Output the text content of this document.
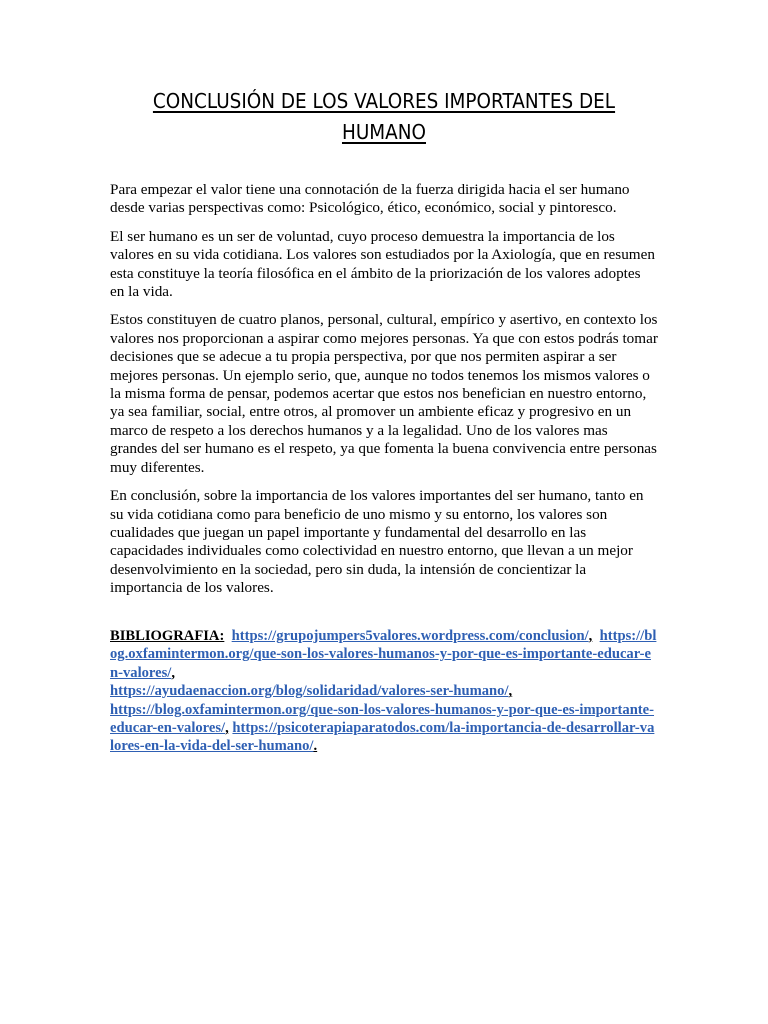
CONCLUSIÓN DE LOS VALORES IMPORTANTES DEL HUMANO

Para empezar el valor tiene una connotación de la fuerza dirigida hacia el ser humano desde varias perspectivas como: Psicológico, ético, económico, social y pintoresco.

El ser humano es un ser de voluntad, cuyo proceso demuestra la importancia de los valores en su vida cotidiana. Los valores son estudiados por la Axiología, que en resumen esta constituye la teoría filosófica en el ámbito de la priorización de los valores adoptes en la vida.

Estos constituyen de cuatro planos, personal, cultural, empírico y asertivo, en contexto los valores nos proporcionan a aspirar como mejores personas. Ya que con estos podrás tomar decisiones que se adecue a tu propia perspectiva, por que nos permiten aspirar a ser mejores personas. Un ejemplo serio, que, aunque no todos tenemos los mismos valores o la misma forma de pensar, podemos acertar que estos nos benefician en nuestro entorno, ya sea familiar, social, entre otros, al promover un ambiente eficaz y progresivo en un marco de respeto a los derechos humanos y a la legalidad. Uno de los valores mas grandes del ser humano es el respeto, ya que fomenta la buena convivencia entre personas muy diferentes.

En conclusión, sobre la importancia de los valores importantes del ser humano, tanto en su vida cotidiana como para beneficio de uno mismo y su entorno, los valores son cualidades que juegan un papel importante y fundamental del desarrollo en las capacidades individuales como colectividad en nuestro entorno, que llevan a un mejor desenvolvimiento en la sociedad, pero sin duda, la intensión de concientizar la importancia de los valores.

BIBLIOGRAFIA: https://grupojumpers5valores.wordpress.com/conclusion/, https://blog.oxfamintermon.org/que-son-los-valores-humanos-y-por-que-es-importante-educar-en-valores/,
https://ayudaenaccion.org/blog/solidaridad/valores-ser-humano/,
https://blog.oxfamintermon.org/que-son-los-valores-humanos-y-por-que-es-importante-educar-en-valores/, https://psicoterapiaparatodos.com/la-importancia-de-desarrollar-valores-en-la-vida-del-ser-humano/.
